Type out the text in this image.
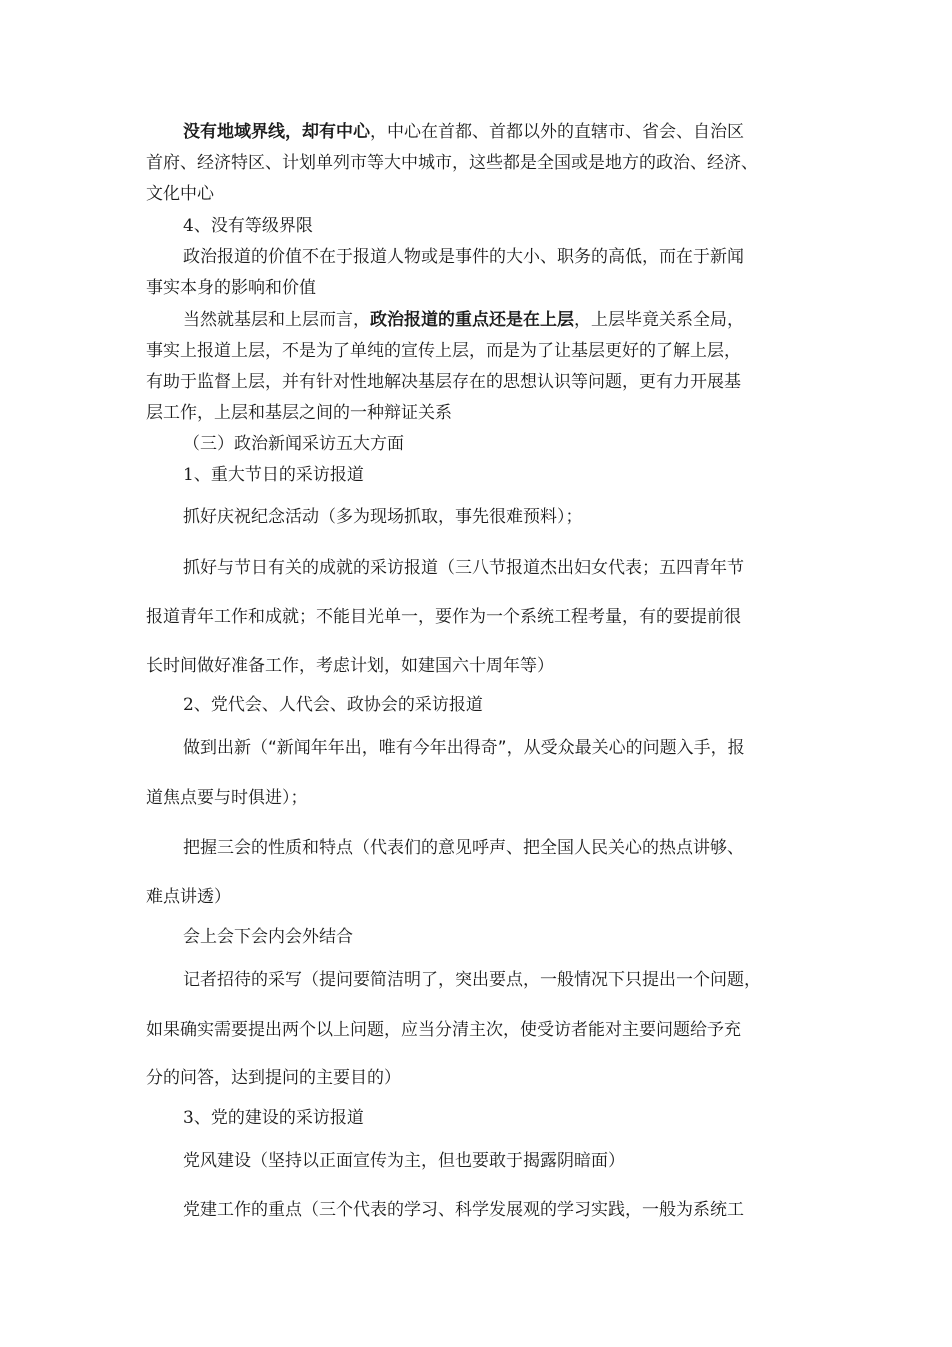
没有地域界线，却有中心，中心在首都、首都以外的直辖市、省会、自治区
首府、经济特区、计划单列市等大中城市，这些都是全国或是地方的政治、经济、
文化中心
4、没有等级界限
政治报道的价值不在于报道人物或是事件的大小、职务的高低，而在于新闻
事实本身的影响和价值
当然就基层和上层而言，政治报道的重点还是在上层，上层毕竟关系全局，
事实上报道上层，不是为了单纯的宣传上层，而是为了让基层更好的了解上层，
有助于监督上层，并有针对性地解决基层存在的思想认识等问题，更有力开展基
层工作，上层和基层之间的一种辩证关系
（三）政治新闻采访五大方面
1、重大节日的采访报道
抓好庆祝纪念活动（多为现场抓取，事先很难预料）；
抓好与节日有关的成就的采访报道（三八节报道杰出妇女代表；五四青年节
报道青年工作和成就；不能目光单一，要作为一个系统工程考量，有的要提前很
长时间做好准备工作，考虑计划，如建国六十周年等）
2、党代会、人代会、政协会的采访报道
做到出新（“新闻年年出，唯有今年出得奇”，从受众最关心的问题入手，报
道焦点要与时俱进）；
把握三会的性质和特点（代表们的意见呼声、把全国人民关心的热点讲够、
难点讲透）
会上会下会内会外结合
记者招待的采写（提问要简洁明了，突出要点，一般情况下只提出一个问题，
如果确实需要提出两个以上问题，应当分清主次，使受访者能对主要问题给予充
分的问答，达到提问的主要目的）
3、党的建设的采访报道
党风建设（坚持以正面宣传为主，但也要敢于揭露阴暗面）
党建工作的重点（三个代表的学习、科学发展观的学习实践，一般为系统工
